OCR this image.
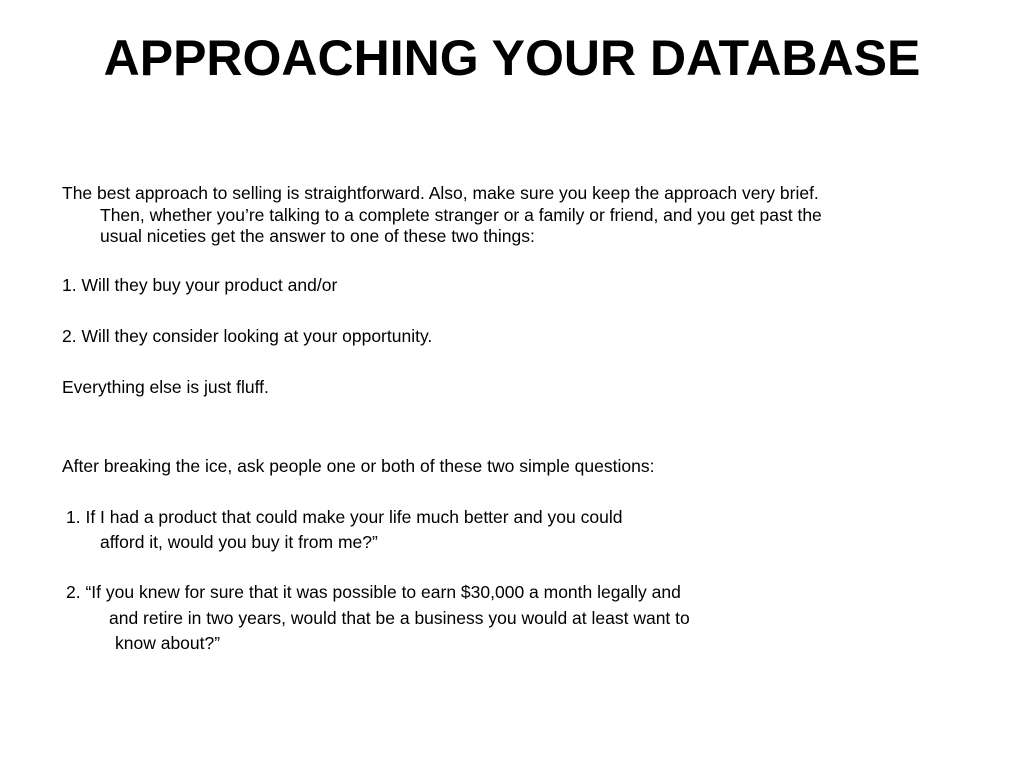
APPROACHING YOUR DATABASE
The best approach to selling is straightforward. Also, make sure you keep the approach very brief.
Then, whether you’re talking to a complete stranger or a family or friend, and you get past the
usual niceties get the answer to one of these two things:
1. Will they buy your product and/or
2. Will they consider looking at your opportunity.
Everything else is just fluff.
After breaking the ice, ask people one or both of these two simple questions:
1. If I had a product that could make your life much better and you could
afford it, would you buy it from me?”
2. “If you knew for sure that it was possible to earn $30,000 a month legally and
and retire in two years, would that be a business you would at least want to
know about?”
